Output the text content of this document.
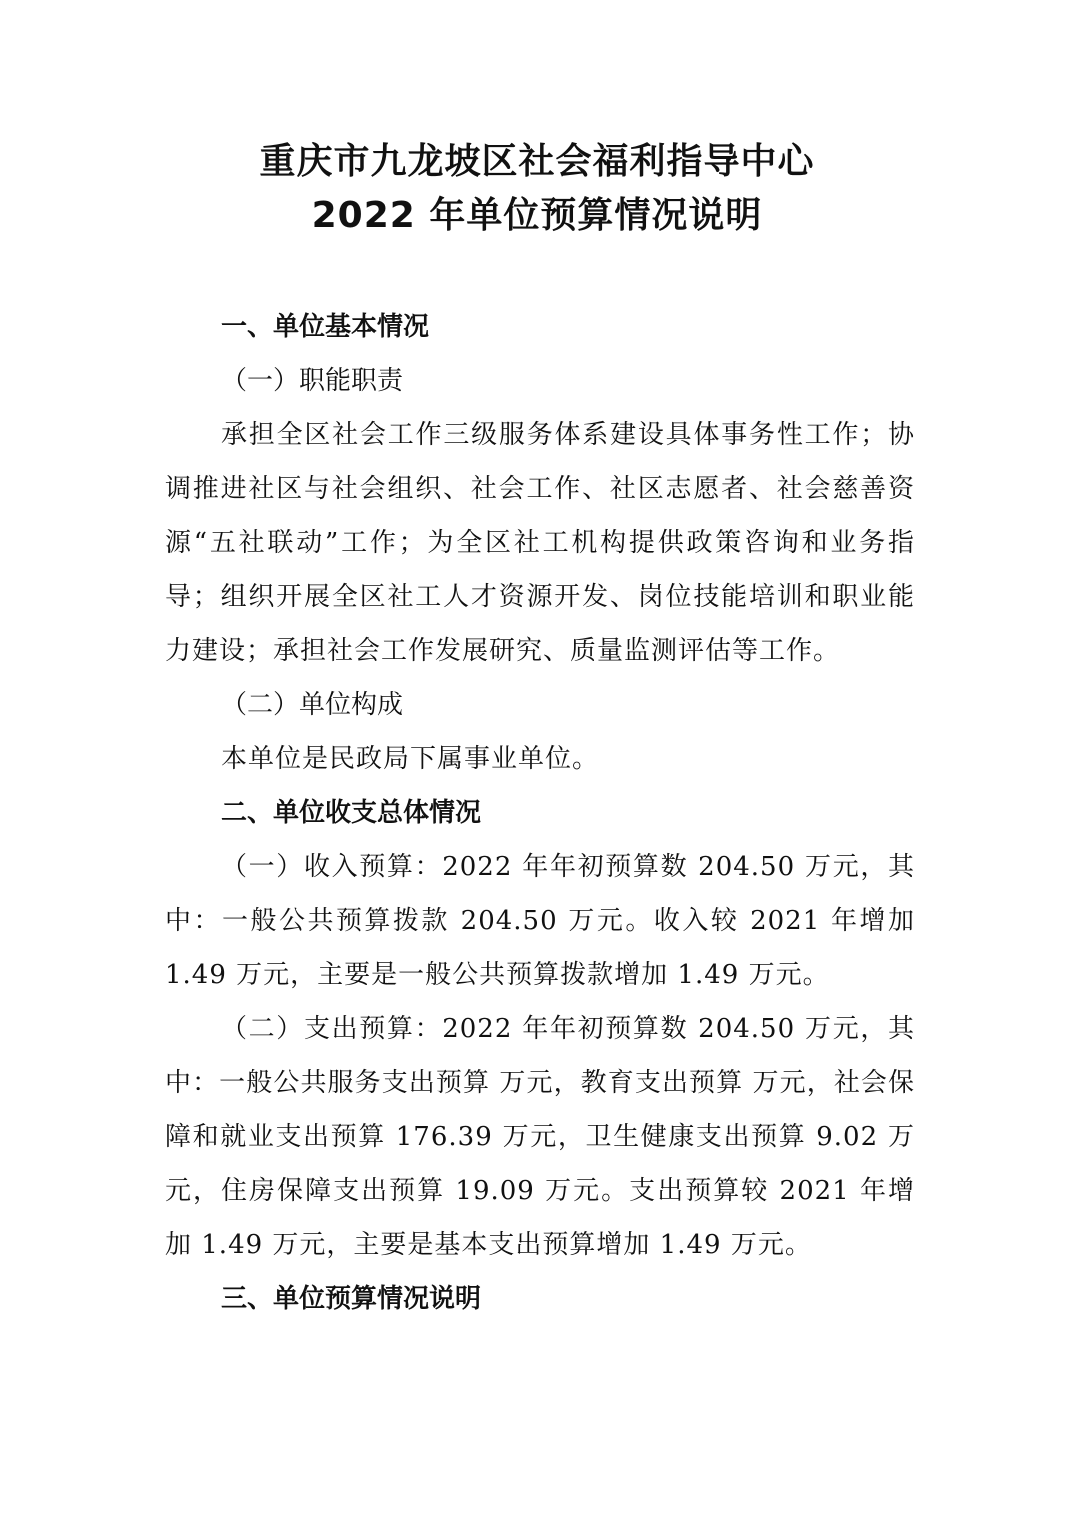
重庆市九龙坡区社会福利指导中心
2022 年单位预算情况说明

一、单位基本情况

（一）职能职责

承担全区社会工作三级服务体系建设具体事务性工作；协调推进社区与社会组织、社会工作、社区志愿者、社会慈善资源“五社联动”工作；为全区社工机构提供政策咨询和业务指导；组织开展全区社工人才资源开发、岗位技能培训和职业能力建设；承担社会工作发展研究、质量监测评估等工作。

（二）单位构成

本单位是民政局下属事业单位。

二、单位收支总体情况

（一）收入预算：2022 年年初预算数 204.50 万元，其中：一般公共预算拨款 204.50 万元。收入较 2021 年增加 1.49 万元，主要是一般公共预算拨款增加 1.49 万元。

（二）支出预算：2022 年年初预算数 204.50 万元，其中：一般公共服务支出预算 万元，教育支出预算 万元，社会保障和就业支出预算 176.39 万元，卫生健康支出预算 9.02 万元，住房保障支出预算 19.09 万元。支出预算较 2021 年增加 1.49 万元，主要是基本支出预算增加 1.49 万元。

三、单位预算情况说明
